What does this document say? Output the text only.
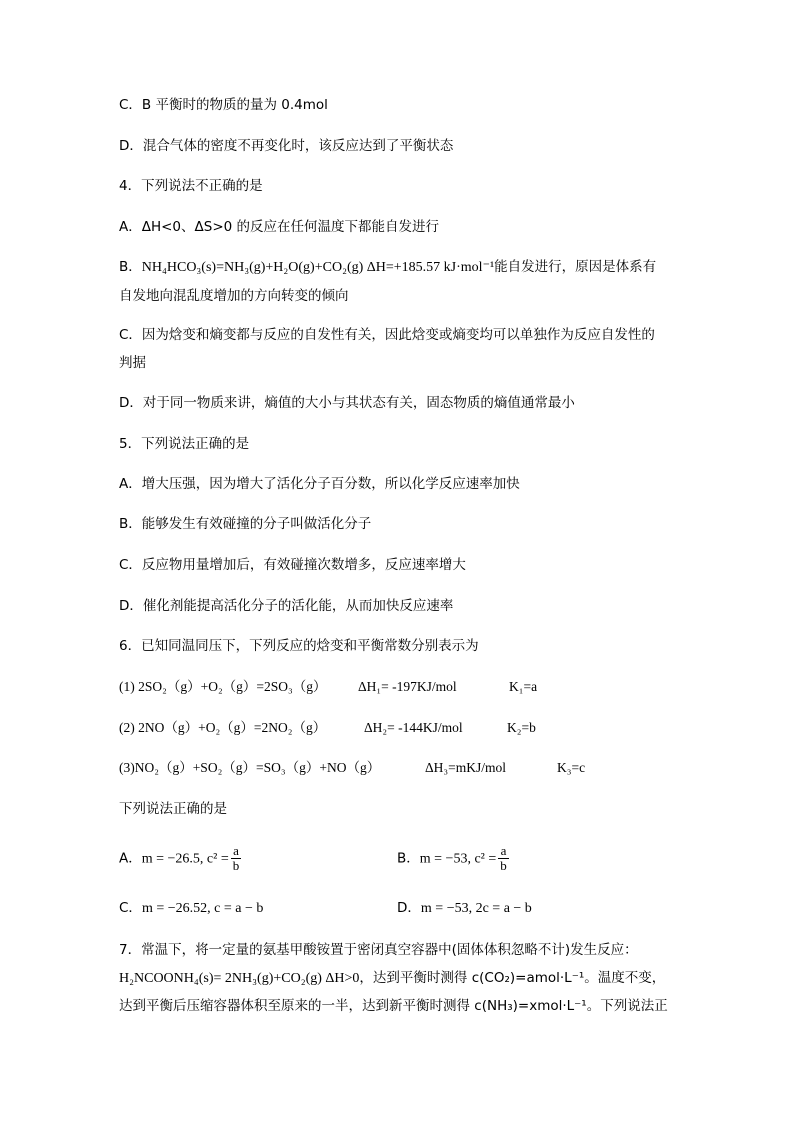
C．B 平衡时的物质的量为 0.4mol
D．混合气体的密度不再变化时，该反应达到了平衡状态
4．下列说法不正确的是
A．ΔH<0、ΔS>0 的反应在任何温度下都能自发进行
B．NH₄HCO₃(s)=NH₃(g)+H₂O(g)+CO₂(g) ΔH=+185.57 kJ·mol⁻¹能自发进行，原因是体系有
自发地向混乱度增加的方向转变的倾向
C．因为焓变和熵变都与反应的自发性有关，因此焓变或熵变均可以单独作为反应自发性的
判据
D．对于同一物质来讲，熵值的大小与其状态有关，固态物质的熵值通常最小
5．下列说法正确的是
A．增大压强，因为增大了活化分子百分数，所以化学反应速率加快
B．能够发生有效碰撞的分子叫做活化分子
C．反应物用量增加后，有效碰撞次数增多，反应速率增大
D．催化剂能提高活化分子的活化能，从而加快反应速率
6．已知同温同压下，下列反应的焓变和平衡常数分别表示为
(1) 2SO₂（g）+O₂（g）=2SO₃（g） ΔH₁= -197KJ/mol	K₁=a
(2) 2NO（g）+O₂（g）=2NO₂（g）	ΔH₂= -144KJ/mol	K₂=b
(3)NO₂（g）+SO₂（g）=SO₃（g）+NO（g）	ΔH₃=mKJ/mol	K₃=c
下列说法正确的是
A．m = −26.5, $c^2 = \frac{a}{b}$	B．m = −53, $c^2 = \frac{a}{b}$
C．m = −26.52, c = a − b	D．m = −53, 2c = a − b
7．常温下，将一定量的氨基甲酸铵置于密闭真空容器中(固体体积忽略不计)发生反应：
H₂NCOONH₄(s)= 2NH₃(g)+CO₂(g) ΔH>0，达到平衡时测得 c(CO₂)=amol·L⁻¹。温度不变，
达到平衡后压缩容器体积至原来的一半，达到新平衡时测得 c(NH₃)=xmol·L⁻¹。下列说法正
